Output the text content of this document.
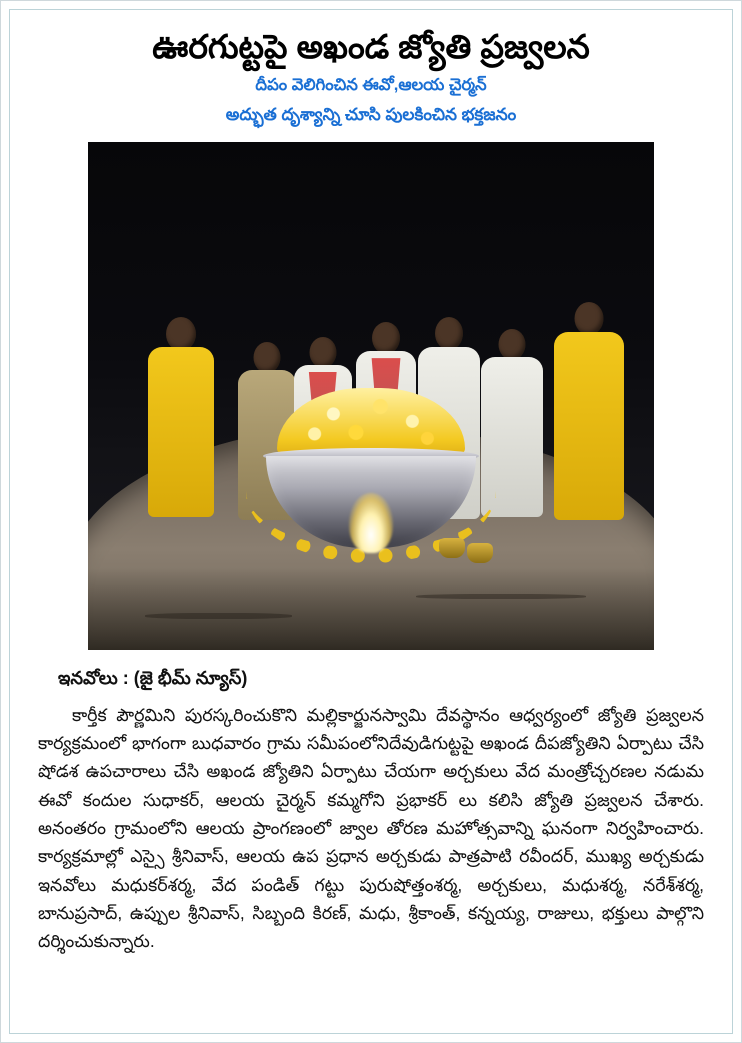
ఊరగుట్టపై అఖండ జ్యోతి ప్రజ్వలన
దీపం వెలిగించిన ఈవో,ఆలయ చైర్మన్
అద్భుత దృశ్యాన్ని చూసి పులకించిన భక్తజనం
ఇనవోలు : (జై భీమ్ న్యూస్)
కార్తీక పౌర్ణమిని పురస్కరించుకొని మల్లికార్జునస్వామి దేవస్థానం ఆధ్వర్యంలో జ్యోతి ప్రజ్వలన కార్యక్రమంలో భాగంగా బుధవారం గ్రామ సమీపంలోనిదేవుడిగుట్టపై అఖండ దీపజ్యోతిని ఏర్పాటు చేసి షోడశ ఉపచారాలు చేసి అఖండ జ్యోతిని ఏర్పాటు చేయగా అర్చకులు వేద మంత్రోచ్చరణల నడుమ ఈవో కందుల సుధాకర్, ఆలయ చైర్మన్ కమ్మగోని ప్రభాకర్ లు కలిసి జ్యోతి ప్రజ్వలన చేశారు. అనంతరం గ్రామంలోని ఆలయ ప్రాంగణంలో జ్వాల తోరణ మహోత్సవాన్ని ఘనంగా నిర్వహించారు. కార్యక్రమాల్లో ఎస్సై శ్రీనివాస్, ఆలయ ఉప ప్రధాన అర్చకుడు పాత్రపాటి రవీందర్, ముఖ్య అర్చకుడు ఇనవోలు మధుకర్‌శర్మ, వేద పండిత్ గట్టు పురుషోత్తంశర్మ, అర్చకులు, మధుశర్మ, నరేశ్‌శర్మ, బానుప్రసాద్, ఉప్పుల శ్రీనివాస్, సిబ్బంది కిరణ్, మధు, శ్రీకాంత్, కన్నయ్య, రాజులు, భక్తులు పాల్గొని దర్శించుకున్నారు.
